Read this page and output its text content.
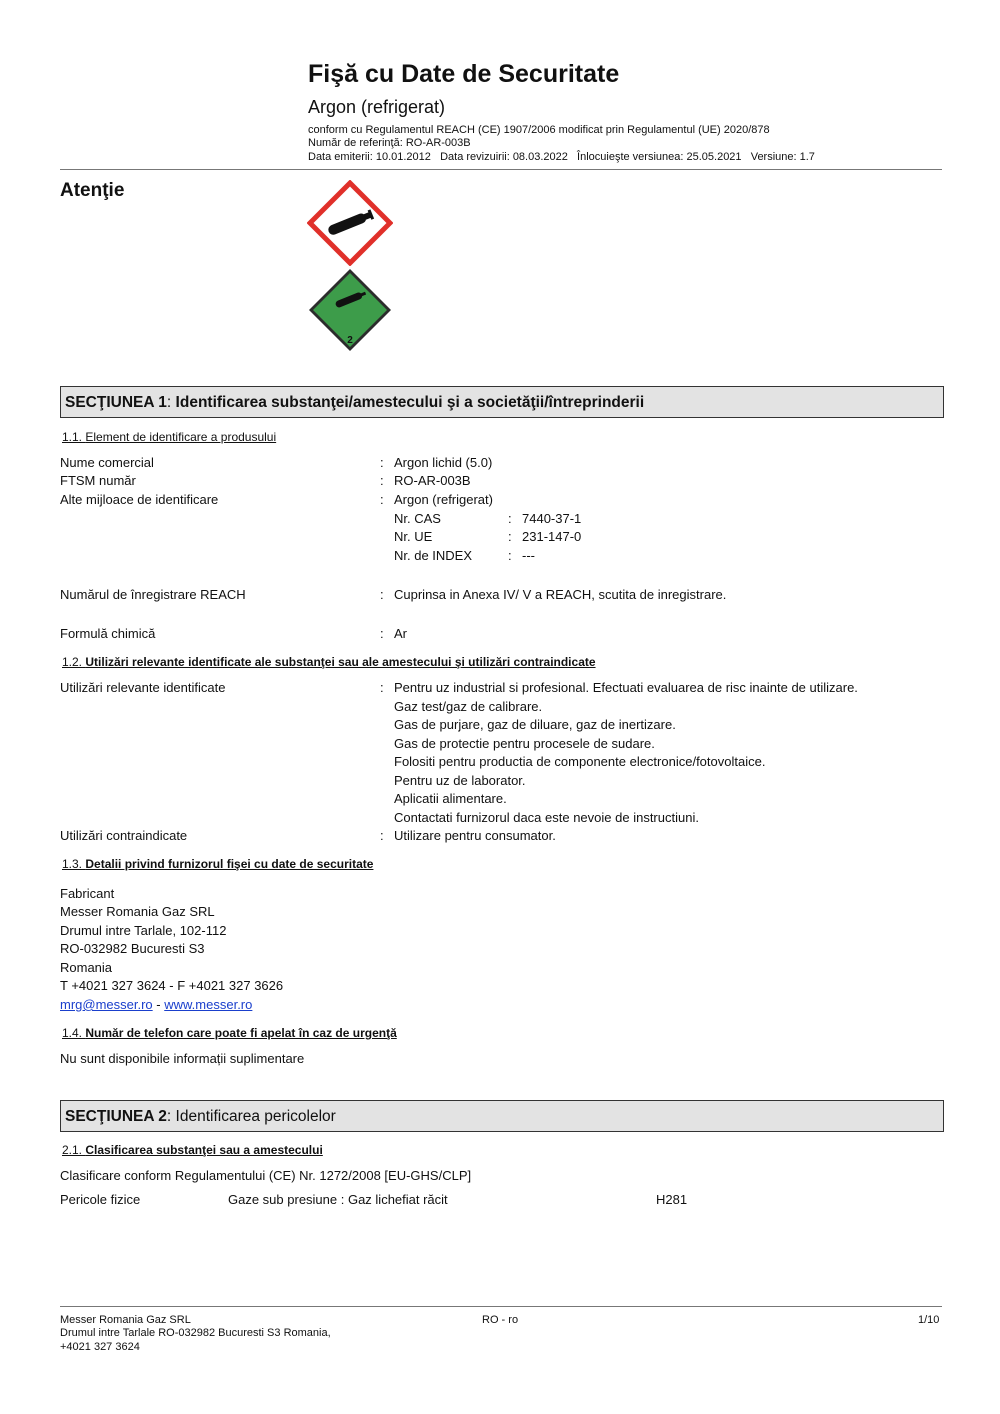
Fişă cu Date de Securitate
Argon (refrigerat)
conform cu Regulamentul REACH (CE) 1907/2006 modificat prin Regulamentul (UE) 2020/878
Număr de referinţă: RO-AR-003B
Data emiterii: 10.01.2012   Data revizuirii: 08.03.2022   Înlocuieşte versiunea: 25.05.2021   Versiune: 1.7
Atenţie
2
SECŢIUNEA 1: Identificarea substanţei/amestecului şi a societăţii/întreprinderii
1.1. Element de identificare a produsului
Nume comercial	: Argon lichid (5.0)
FTSM număr	: RO-AR-003B
Alte mijloace de identificare	: Argon (refrigerat)
Nr. CAS	: 7440-37-1
Nr. UE	: 231-147-0
Nr. de INDEX	: ---
Numărul de înregistrare REACH	: Cuprinsa in Anexa IV/ V a REACH, scutita de inregistrare.
Formulă chimică	: Ar
1.2. Utilizări relevante identificate ale substanţei sau ale amestecului şi utilizări contraindicate
Utilizări relevante identificate	: Pentru uz industrial si profesional. Efectuati evaluarea de risc inainte de utilizare.
Gaz test/gaz de calibrare.
Gas de purjare, gaz de diluare, gaz de inertizare.
Gas de protectie pentru procesele de sudare.
Folositi pentru productia de componente electronice/fotovoltaice.
Pentru uz de laborator.
Aplicatii alimentare.
Contactati furnizorul daca este nevoie de instructiuni.
Utilizări contraindicate	: Utilizare pentru consumator.
1.3. Detalii privind furnizorul fişei cu date de securitate
Fabricant
Messer Romania Gaz SRL
Drumul intre Tarlale, 102-112
RO-032982 Bucuresti S3
Romania
T +4021 327 3624 - F +4021 327 3626
mrg@messer.ro - www.messer.ro
1.4. Număr de telefon care poate fi apelat în caz de urgenţă
Nu sunt disponibile informații suplimentare
SECŢIUNEA 2: Identificarea pericolelor
2.1. Clasificarea substanţei sau a amestecului
Clasificare conform Regulamentului (CE) Nr. 1272/2008 [EU-GHS/CLP]
Pericole fizice	Gaze sub presiune : Gaz lichefiat răcit	H281
Messer Romania Gaz SRL
Drumul intre Tarlale RO-032982 Bucuresti S3 Romania,
+4021 327 3624
RO - ro	1/10
